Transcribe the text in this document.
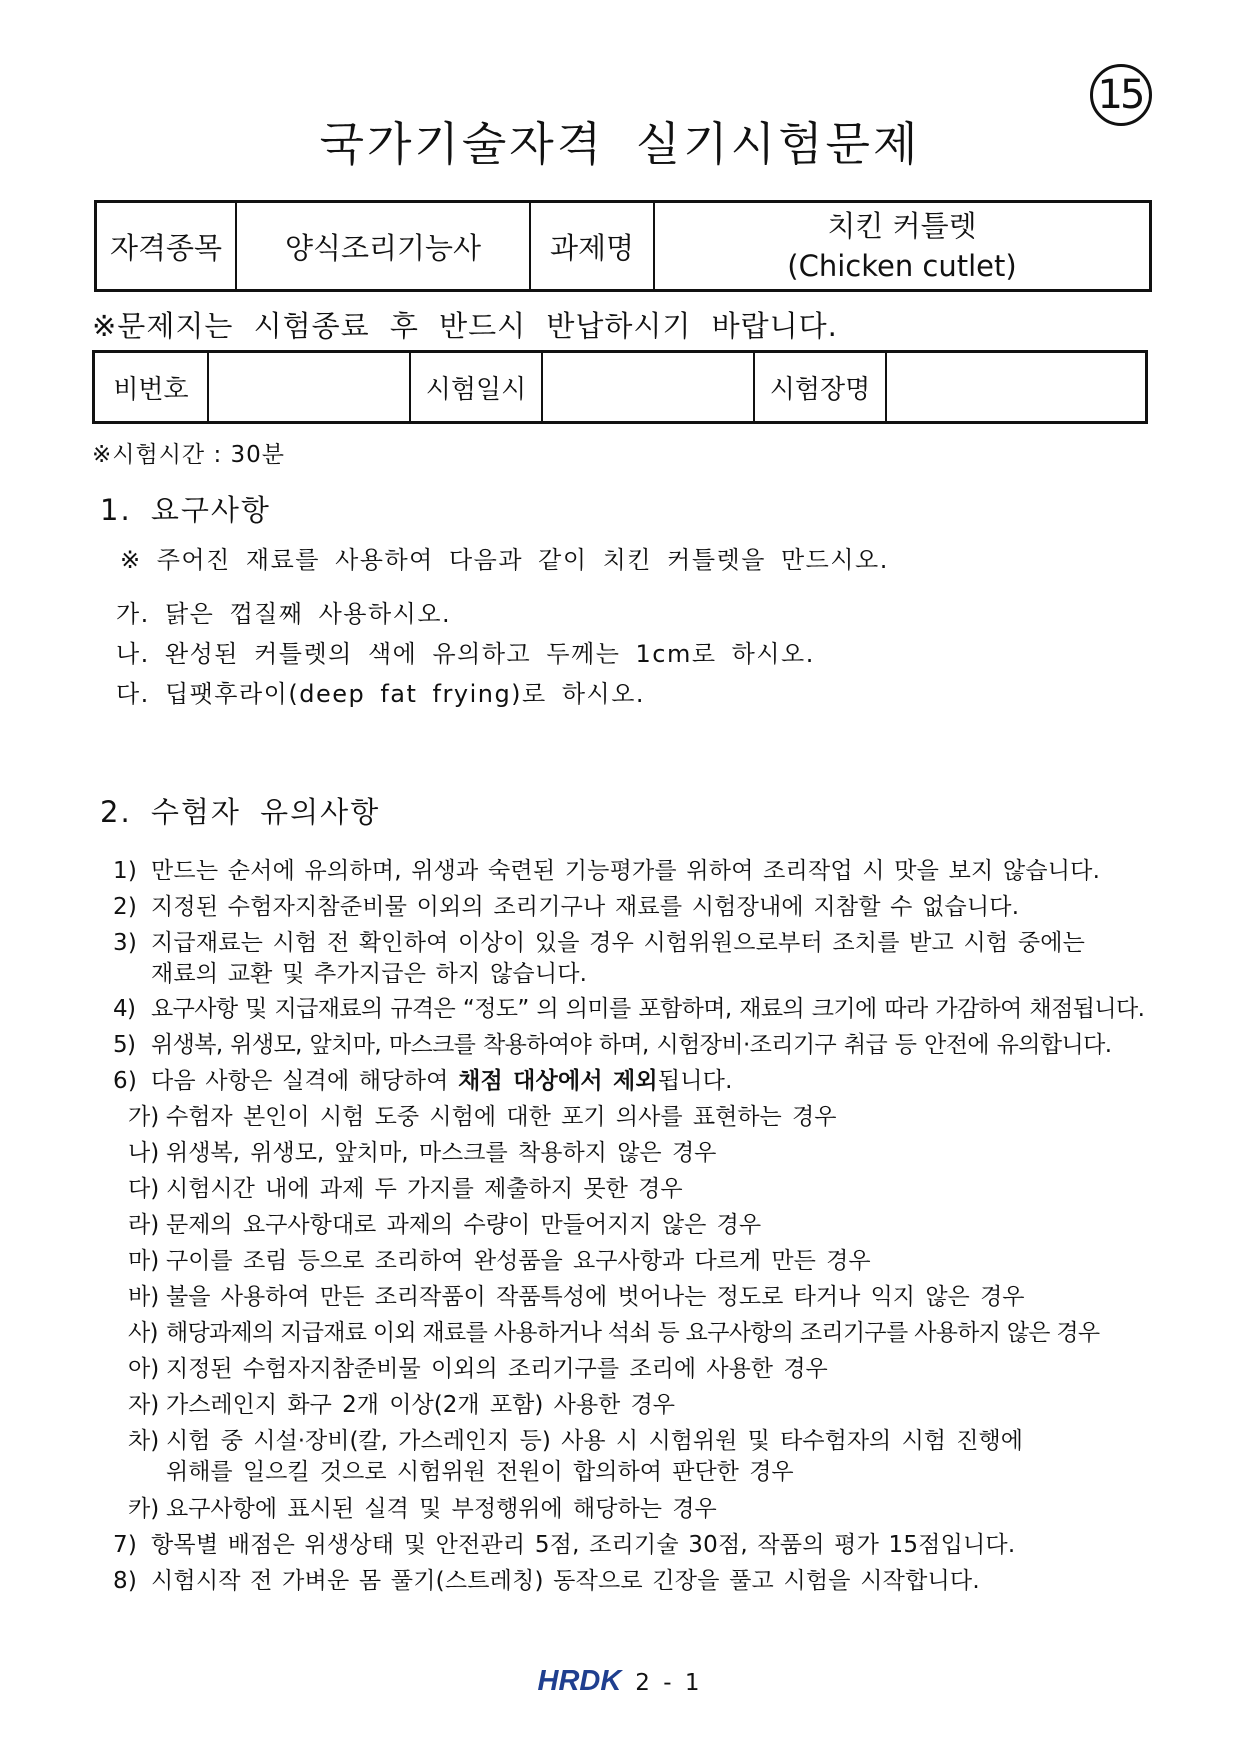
15
국가기술자격 실기시험문제
자격종목	양식조리기능사	과제명	
치킨 커틀렛
(Chicken cutlet)
※문제지는 시험종료 후 반드시 반납하시기 바랍니다.
비번호		시험일시		시험장명	
※시험시간 : 30분
1. 요구사항
※ 주어진 재료를 사용하여 다음과 같이 치킨 커틀렛을 만드시오.
가. 닭은 껍질째 사용하시오.
나. 완성된 커틀렛의 색에 유의하고 두께는 1cm로 하시오.
다. 딥팻후라이(deep fat frying)로 하시오.
2. 수험자 유의사항
1) 만드는 순서에 유의하며, 위생과 숙련된 기능평가를 위하여 조리작업 시 맛을 보지 않습니다.
2) 지정된 수험자지참준비물 이외의 조리기구나 재료를 시험장내에 지참할 수 없습니다.
3) 지급재료는 시험 전 확인하여 이상이 있을 경우 시험위원으로부터 조치를 받고 시험 중에는
재료의 교환 및 추가지급은 하지 않습니다.
4) 요구사항 및 지급재료의 규격은 “정도” 의 의미를 포함하며, 재료의 크기에 따라 가감하여 채점됩니다.
5) 위생복, 위생모, 앞치마, 마스크를 착용하여야 하며, 시험장비·조리기구 취급 등 안전에 유의합니다.
6) 다음 사항은 실격에 해당하여 채점 대상에서 제외됩니다.
가) 수험자 본인이 시험 도중 시험에 대한 포기 의사를 표현하는 경우
나) 위생복, 위생모, 앞치마, 마스크를 착용하지 않은 경우
다) 시험시간 내에 과제 두 가지를 제출하지 못한 경우
라) 문제의 요구사항대로 과제의 수량이 만들어지지 않은 경우
마) 구이를 조림 등으로 조리하여 완성품을 요구사항과 다르게 만든 경우
바) 불을 사용하여 만든 조리작품이 작품특성에 벗어나는 정도로 타거나 익지 않은 경우
사) 해당과제의 지급재료 이외 재료를 사용하거나 석쇠 등 요구사항의 조리기구를 사용하지 않은 경우
아) 지정된 수험자지참준비물 이외의 조리기구를 조리에 사용한 경우
자) 가스레인지 화구 2개 이상(2개 포함) 사용한 경우
차) 시험 중 시설·장비(칼, 가스레인지 등) 사용 시 시험위원 및 타수험자의 시험 진행에
위해를 일으킬 것으로 시험위원 전원이 합의하여 판단한 경우
카) 요구사항에 표시된 실격 및 부정행위에 해당하는 경우
7) 항목별 배점은 위생상태 및 안전관리 5점, 조리기술 30점, 작품의 평가 15점입니다.
8) 시험시작 전 가벼운 몸 풀기(스트레칭) 동작으로 긴장을 풀고 시험을 시작합니다.
HRDK 2 - 1
